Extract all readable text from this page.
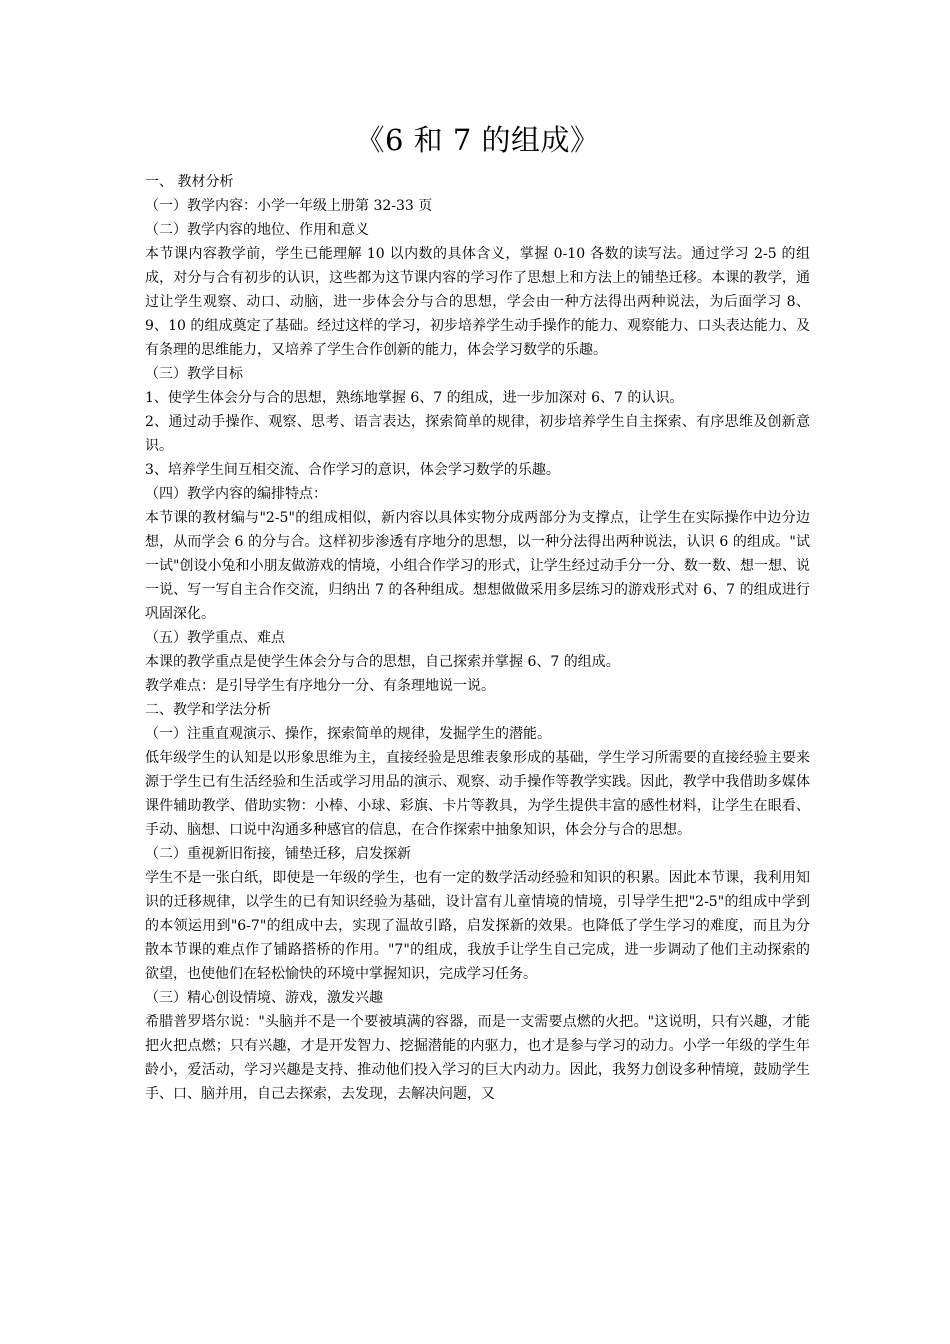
《6 和 7 的组成》

一、 教材分析

（一）教学内容：小学一年级上册第 32-33 页

（二）教学内容的地位、作用和意义

本节课内容教学前，学生已能理解 10 以内数的具体含义，掌握 0-10 各数的读写法。通过学习 2-5 的组成，对分与合有初步的认识，这些都为这节课内容的学习作了思想上和方法上的铺垫迁移。本课的教学，通过让学生观察、动口、动脑，进一步体会分与合的思想，学会由一种方法得出两种说法，为后面学习 8、9、10 的组成奠定了基础。经过这样的学习，初步培养学生动手操作的能力、观察能力、口头表达能力、及有条理的思维能力，又培养了学生合作创新的能力，体会学习数学的乐趣。

（三）教学目标

1、使学生体会分与合的思想，熟练地掌握 6、7 的组成，进一步加深对 6、7 的认识。

2、通过动手操作、观察、思考、语言表达，探索简单的规律，初步培养学生自主探索、有序思维及创新意识。

3、培养学生间互相交流、合作学习的意识，体会学习数学的乐趣。

（四）教学内容的编排特点：

本节课的教材编与"2-5"的组成相似，新内容以具体实物分成两部分为支撑点，让学生在实际操作中边分边想，从而学会 6 的分与合。这样初步渗透有序地分的思想，以一种分法得出两种说法，认识 6 的组成。"试一试"创设小兔和小朋友做游戏的情境，小组合作学习的形式，让学生经过动手分一分、数一数、想一想、说一说、写一写自主合作交流，归纳出 7 的各种组成。想想做做采用多层练习的游戏形式对 6、7 的组成进行巩固深化。

（五）教学重点、难点

本课的教学重点是使学生体会分与合的思想，自己探索并掌握 6、7 的组成。

教学难点：是引导学生有序地分一分、有条理地说一说。

二、教学和学法分析

（一）注重直观演示、操作，探索简单的规律，发掘学生的潜能。

低年级学生的认知是以形象思维为主，直接经验是思维表象形成的基础，学生学习所需要的直接经验主要来源于学生已有生活经验和生活或学习用品的演示、观察、动手操作等教学实践。因此，教学中我借助多媒体课件辅助教学、借助实物：小棒、小球、彩旗、卡片等教具，为学生提供丰富的感性材料，让学生在眼看、手动、脑想、口说中沟通多种感官的信息，在合作探索中抽象知识，体会分与合的思想。

（二）重视新旧衔接，铺垫迁移，启发探新

学生不是一张白纸，即使是一年级的学生，也有一定的数学活动经验和知识的积累。因此本节课，我利用知识的迁移规律，以学生的已有知识经验为基础，设计富有儿童情境的情境，引导学生把"2-5"的组成中学到的本领运用到"6-7"的组成中去，实现了温故引路，启发探新的效果。也降低了学生学习的难度，而且为分散本节课的难点作了铺路搭桥的作用。"7"的组成，我放手让学生自己完成，进一步调动了他们主动探索的欲望，也使他们在轻松愉快的环境中掌握知识，完成学习任务。

（三）精心创设情境、游戏，激发兴趣

希腊普罗塔尔说："头脑并不是一个要被填满的容器，而是一支需要点燃的火把。"这说明，只有兴趣，才能把火把点燃；只有兴趣，才是开发智力、挖掘潜能的内驱力，也才是参与学习的动力。小学一年级的学生年龄小，爱活动，学习兴趣是支持、推动他们投入学习的巨大内动力。因此，我努力创设多种情境，鼓励学生手、口、脑并用，自己去探索，去发现，去解决问题，又
